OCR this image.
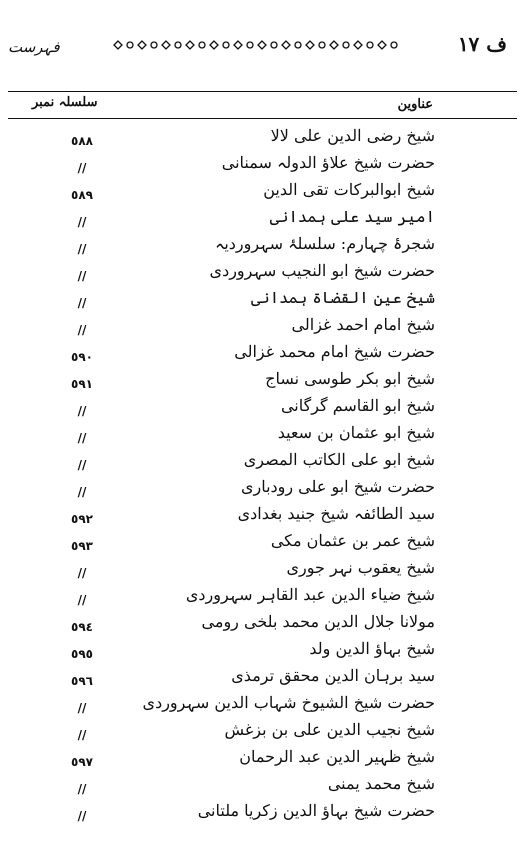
ف ١٧
فہرست
سلسلہ نمبر	عناوین
شیخ رضی الدین علی لالا
٥٨٨
حضرت شیخ علاؤ الدولہ سمنانی
//
شیخ ابوالبرکات تقی الدین
٥٨٩
امیر سید علی ہمدانی
//
شجرۂ چہارم: سلسلۂ سہروردیہ
//
حضرت شیخ ابو النجیب سہروردی
//
شیخ عین القضاۃ ہمدانی
//
شیخ امام احمد غزالی
//
حضرت شیخ امام محمد غزالی
٥٩٠
شیخ ابو بکر طوسی نساج
٥٩١
شیخ ابو القاسم گرگانی
//
شیخ ابو عثمان بن سعید
//
شیخ ابو علی الکاتب المصری
//
حضرت شیخ ابو علی رودباری
//
سید الطائفہ شیخ جنید بغدادی
٥٩٢
شیخ عمر بن عثمان مکی
٥٩٣
شیخ یعقوب نہر جوری
//
شیخ ضیاء الدین عبد القاہر سہروردی
//
مولانا جلال الدین محمد بلخی رومی
٥٩٤
شیخ بہاؤ الدین ولد
٥٩٥
سید برہان الدین محقق ترمذی
٥٩٦
حضرت شیخ الشیوخ شہاب الدین سہروردی
//
شیخ نجیب الدین علی بن بزغش
//
شیخ ظہیر الدین عبد الرحمان
٥٩٧
شیخ محمد یمنی
//
حضرت شیخ بہاؤ الدین زکریا ملتانی
//
